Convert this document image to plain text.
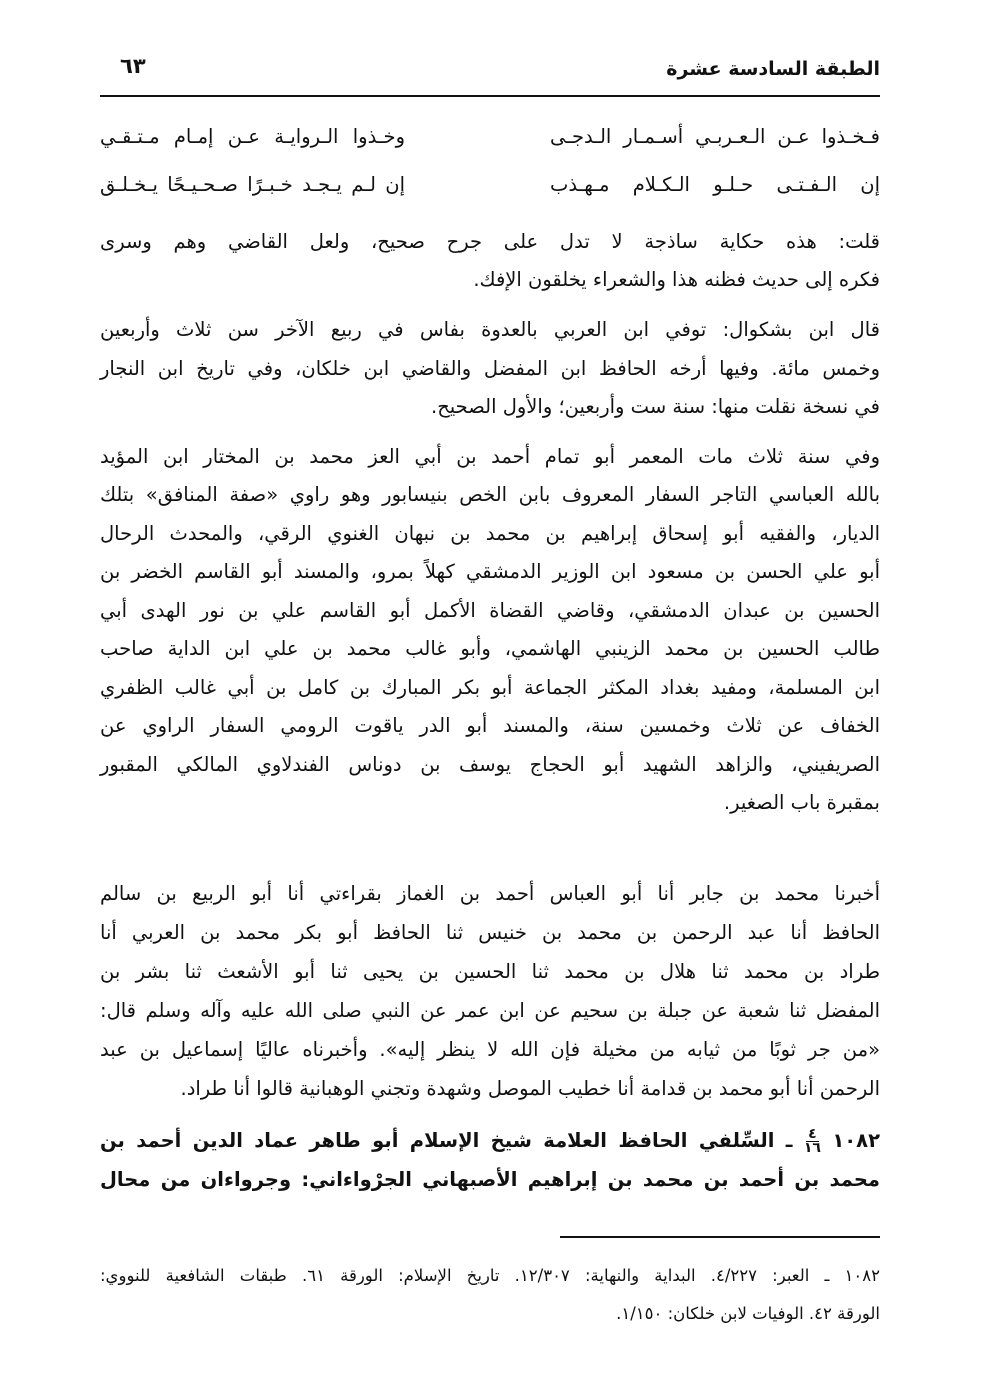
الطبقة السادسة عشرة
٦٣
فـخـذوا عـن الـعـربـي أسـمـار الـدجـى
وخـذوا الـروايـة عـن إمـام مـتـقـي
إن الـفـتـى حـلـو الـكـلام مـهـذب
إن لـم يـجـد خـبـرًا صـحـيـحًا يـخـلـق
قلت: هذه حكاية ساذجة لا تدل على جرح صحيح، ولعل القاضي وهم وسرى
فكره إلى حديث فظنه هذا والشعراء يخلقون الإفك.
قال ابن بشكوال: توفي ابن العربي بالعدوة بفاس في ربيع الآخر سن ثلاث وأربعين
وخمس مائة. وفيها أرخه الحافظ ابن المفضل والقاضي ابن خلكان، وفي تاريخ ابن النجار
في نسخة نقلت منها: سنة ست وأربعين؛ والأول الصحيح.
وفي سنة ثلاث مات المعمر أبو تمام أحمد بن أبي العز محمد بن المختار ابن المؤيد
بالله العباسي التاجر السفار المعروف بابن الخص بنيسابور وهو راوي «صفة المنافق» بتلك
الديار، والفقيه أبو إسحاق إبراهيم بن محمد بن نبهان الغنوي الرقي، والمحدث الرحال
أبو علي الحسن بن مسعود ابن الوزير الدمشقي كهلاً بمرو، والمسند أبو القاسم الخضر بن
الحسين بن عبدان الدمشقي، وقاضي القضاة الأكمل أبو القاسم علي بن نور الهدى أبي
طالب الحسين بن محمد الزينبي الهاشمي، وأبو غالب محمد بن علي ابن الداية صاحب
ابن المسلمة، ومفيد بغداد المكثر الجماعة أبو بكر المبارك بن كامل بن أبي غالب الظفري
الخفاف عن ثلاث وخمسين سنة، والمسند أبو الدر ياقوت الرومي السفار الراوي عن
الصريفيني، والزاهد الشهيد أبو الحجاج يوسف بن دوناس الفندلاوي المالكي المقبور
بمقبرة باب الصغير.
أخبرنا محمد بن جابر أنا أبو العباس أحمد بن الغماز بقراءتي أنا أبو الربيع بن سالم
الحافظ أنا عبد الرحمن بن محمد بن خنيس ثنا الحافظ أبو بكر محمد بن العربي أنا
طراد بن محمد ثنا هلال بن محمد ثنا الحسين بن يحيى ثنا أبو الأشعث ثنا بشر بن
المفضل ثنا شعبة عن جبلة بن سحيم عن ابن عمر عن النبي صلى الله عليه وآله وسلم قال:
«من جر ثوبًا من ثيابه من مخيلة فإن الله لا ينظر إليه». وأخبرناه عاليًا إسماعيل بن عبد
الرحمن أنا أبو محمد بن قدامة أنا خطيب الموصل وشهدة وتجني الوهبانية قالوا أنا طراد.
١٠٨٢
٤
١٦
ـ السِّلفي الحافظ العلامة شيخ الإسلام أبو طاهر عماد الدين أحمد بن
محمد بن أحمد بن محمد بن إبراهيم الأصبهاني الجرْواءاني: وجرواءان من محال
١٠٨٢ ـ العبر: ٤/٢٢٧. البداية والنهاية: ١٢/٣٠٧. تاريخ الإسلام: الورقة ٦١. طبقات الشافعية للنووي:
الورقة ٤٢. الوفيات لابن خلكان: ١/١٥٠.
